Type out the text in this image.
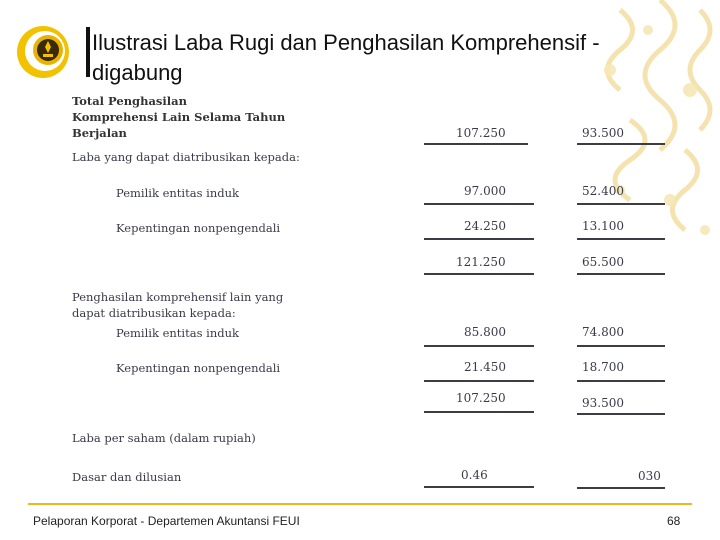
Ilustrasi Laba Rugi dan Penghasilan Komprehensif - digabung
Total Penghasilan
Komprehensi Lain Selama Tahun
Berjalan	107.250	93.500
Laba yang dapat diatribusikan kepada:
Pemilik entitas induk	97.000	52.400
Kepentingan nonpengendali	24.250	13.100
121.250	65.500
Penghasilan komprehensif lain yang
dapat diatribusikan kepada:
Pemilik entitas induk	85.800	74.800
Kepentingan nonpengendali	21.450	18.700
107.250	93.500
Laba per saham (dalam rupiah)
Dasar dan dilusian	0.46	030
Pelaporan Korporat - Departemen Akuntansi FEUI	68
